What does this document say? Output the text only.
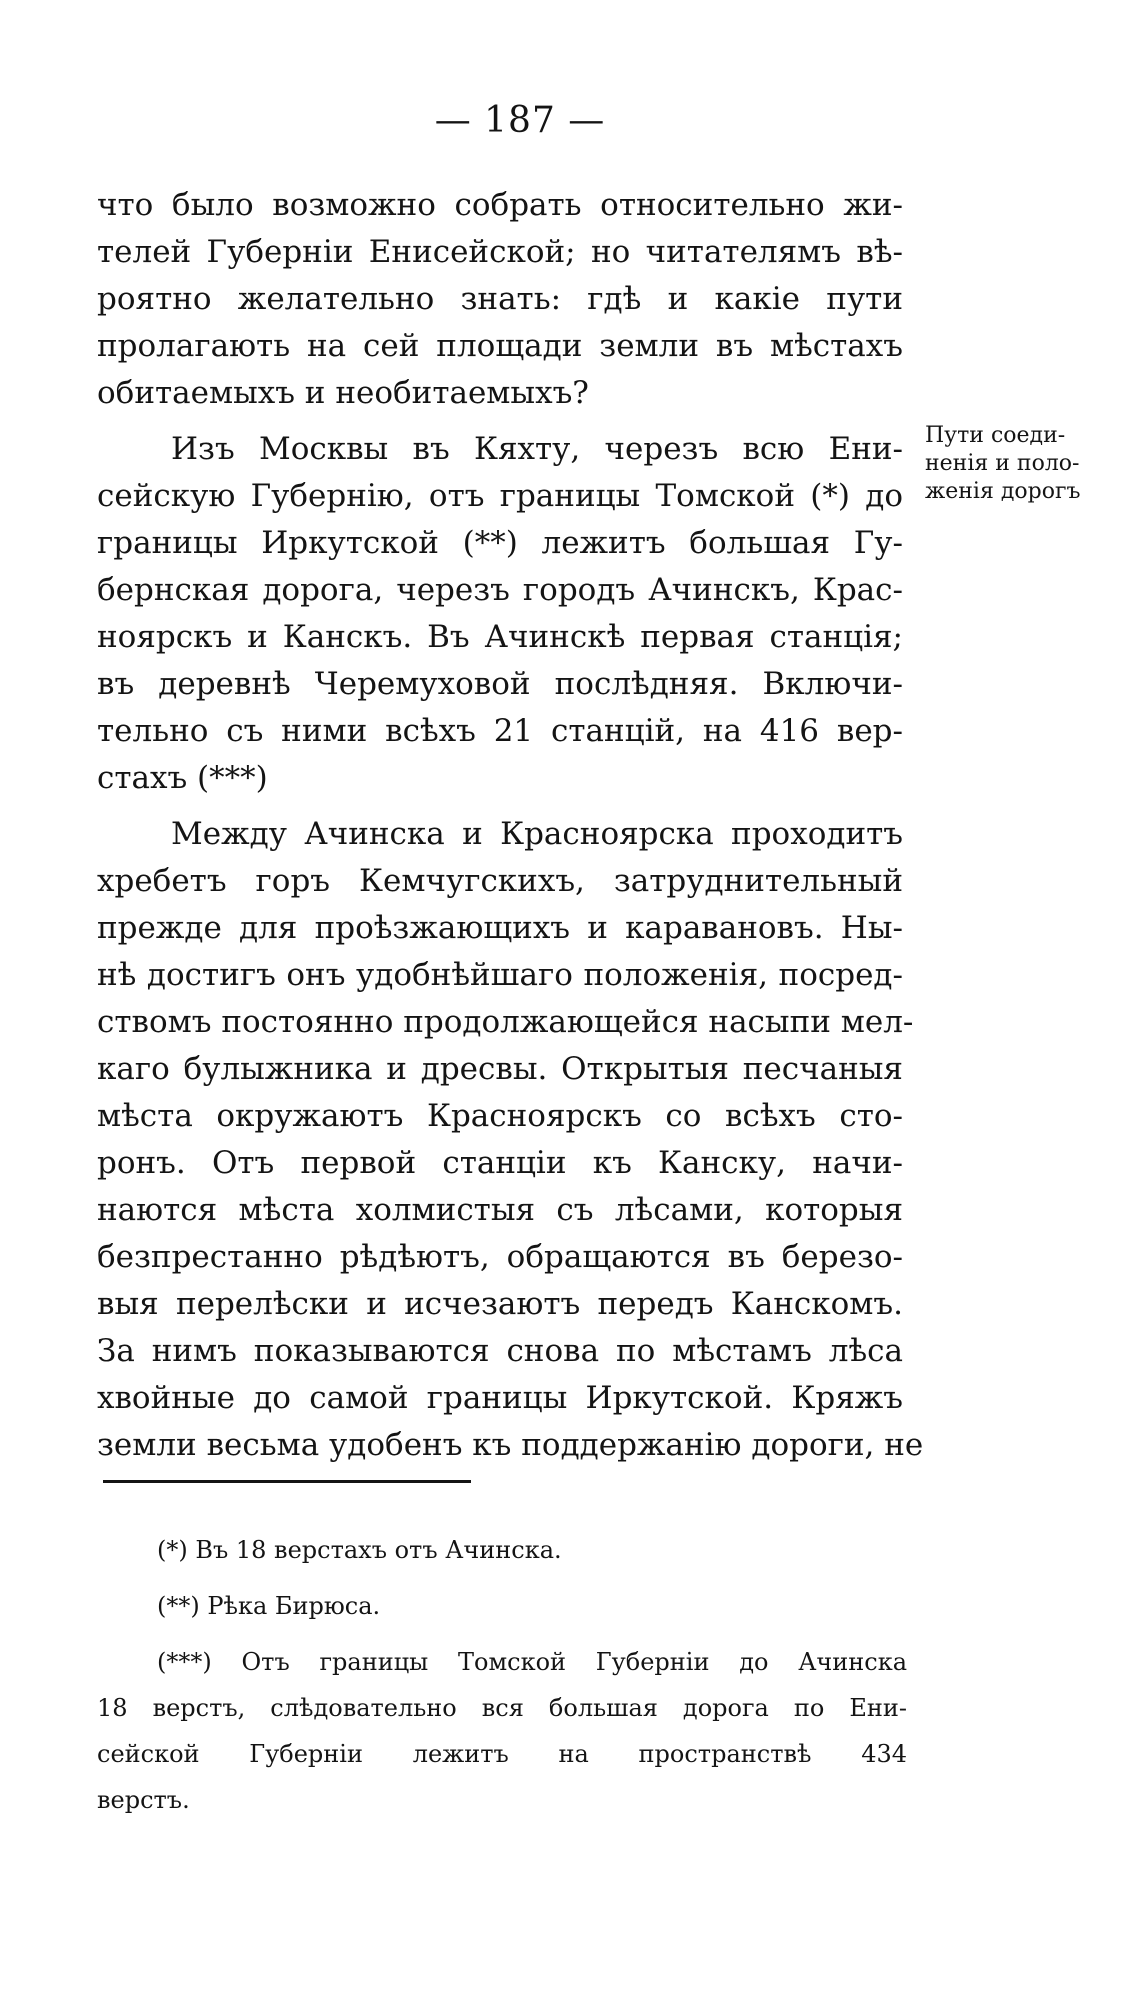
— 187 —
что было возможно собрать относительно жи-
телей Губерніи Енисейской; но читателямъ вѣ-
роятно желательно знать: гдѣ и какіе пути
пролагають на сей площади земли въ мѣстахъ
обитаемыхъ и необитаемыхъ?
Изъ Москвы въ Кяхту, черезъ всю Ени-
сейскую Губернію, отъ границы Томской (*) до
границы Иркутской (**) лежитъ большая Гу-
бернская дорога, черезъ городъ Ачинскъ, Крас-
ноярскъ и Канскъ. Въ Ачинскѣ первая станція;
въ деревнѣ Черемуховой послѣдняя. Включи-
тельно съ ними всѣхъ 21 станцій, на 416 вер-
стахъ (***)
Между Ачинска и Красноярска проходитъ
хребетъ горъ Кемчугскихъ, затруднительный
прежде для проѣзжающихъ и каравановъ. Ны-
нѣ достигъ онъ удобнѣйшаго положенія, посред-
ствомъ постоянно продолжающейся насыпи мел-
каго булыжника и дресвы. Открытыя песчаныя
мѣста окружаютъ Красноярскъ со всѣхъ сто-
ронъ. Отъ первой станціи къ Канску, начи-
наются мѣста холмистыя съ лѣсами, которыя
безпрестанно рѣдѣютъ, обращаются въ березо-
выя перелѣски и исчезаютъ передъ Канскомъ.
За нимъ показываются снова по мѣстамъ лѣса
хвойные до самой границы Иркутской. Кряжъ
земли весьма удобенъ къ поддержанію дороги, не
Пути соеди-
ненія и поло-
женія дорогъ
(*) Въ 18 верстахъ отъ Ачинска.
(**) Рѣка Бирюса.
(***) Отъ границы Томской Губерніи до Ачинска
18 верстъ, слѣдовательно вся большая дорога по Ени-
сейской Губерніи лежитъ на пространствѣ 434
верстъ.
